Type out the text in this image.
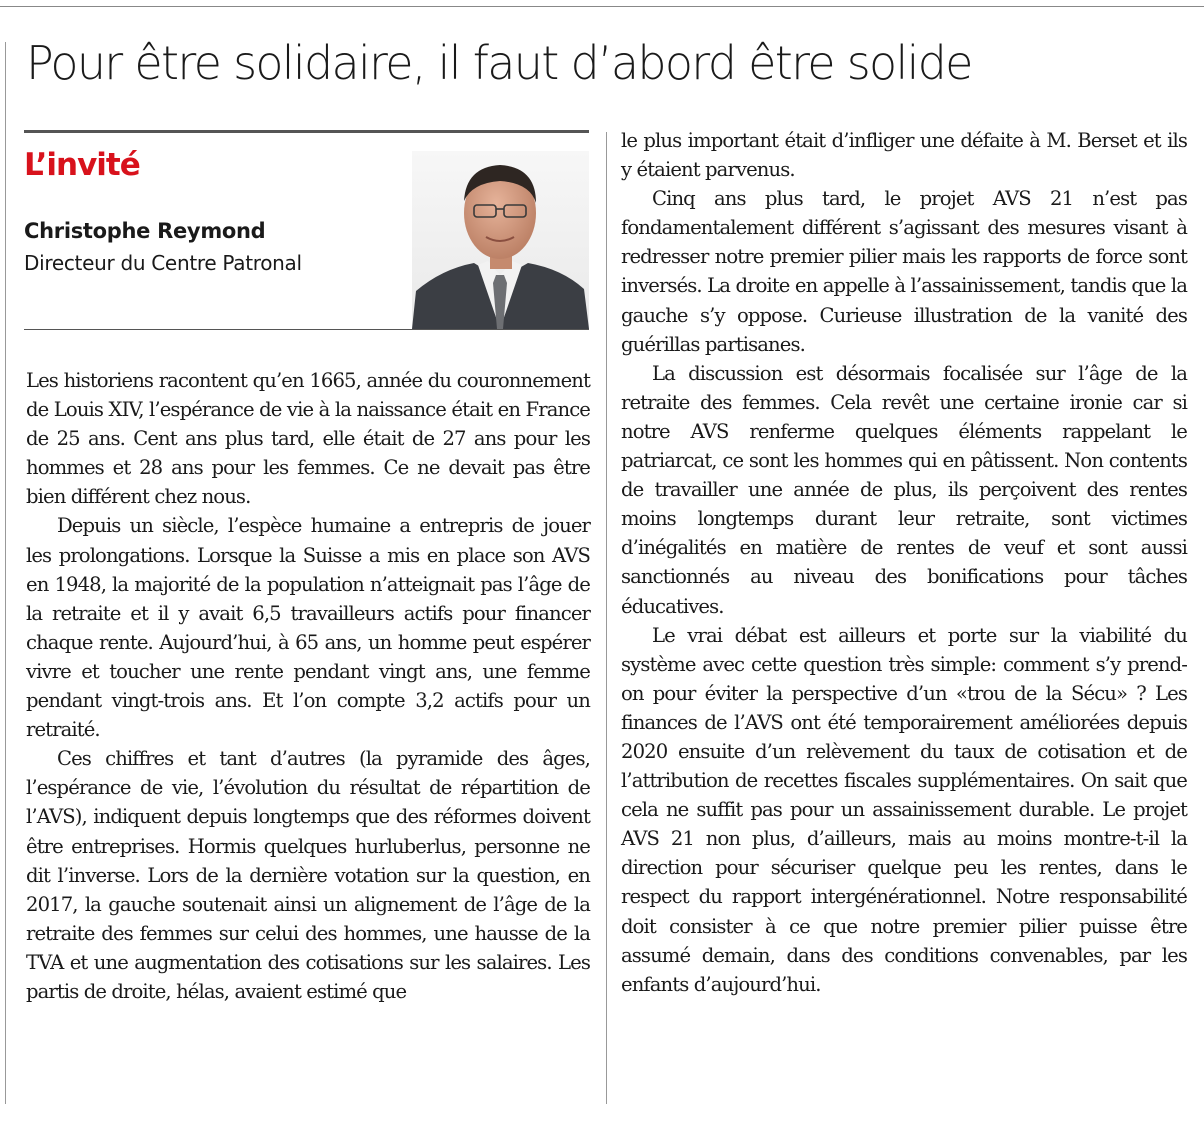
Pour être solidaire, il faut d’abord être solide
L’invité
Christophe Reymond
Directeur du Centre Patronal

Les historiens racontent qu’en 1665, année du couronnement de Louis XIV, l’espérance de vie à la naissance était en France de 25 ans. Cent ans plus tard, elle était de 27 ans pour les hommes et 28 ans pour les femmes. Ce ne devait pas être bien différent chez nous.

Depuis un siècle, l’espèce humaine a entrepris de jouer les prolongations. Lorsque la Suisse a mis en place son AVS en 1948, la majorité de la population n’atteignait pas l’âge de la retraite et il y avait 6,5 travailleurs actifs pour financer chaque rente. Aujourd’hui, à 65 ans, un homme peut espérer vivre et toucher une rente pendant vingt ans, une femme pendant vingt-trois ans. Et l’on compte 3,2 actifs pour un retraité.

Ces chiffres et tant d’autres (la pyramide des âges, l’espérance de vie, l’évolution du résultat de répartition de l’AVS), indiquent depuis longtemps que des réformes doivent être entreprises. Hormis quelques hurluberlus, personne ne dit l’inverse. Lors de la dernière votation sur la question, en 2017, la gauche soutenait ainsi un alignement de l’âge de la retraite des femmes sur celui des hommes, une hausse de la TVA et une augmentation des cotisations sur les salaires. Les partis de droite, hélas, avaient estimé que

le plus important était d’infliger une défaite à M. Berset et ils y étaient parvenus.

Cinq ans plus tard, le projet AVS 21 n’est pas fondamentalement différent s’agissant des mesures visant à redresser notre premier pilier mais les rapports de force sont inversés. La droite en appelle à l’assainissement, tandis que la gauche s’y oppose. Curieuse illustration de la vanité des guérillas partisanes.

La discussion est désormais focalisée sur l’âge de la retraite des femmes. Cela revêt une certaine ironie car si notre AVS renferme quelques éléments rappelant le patriarcat, ce sont les hommes qui en pâtissent. Non contents de travailler une année de plus, ils perçoivent des rentes moins longtemps durant leur retraite, sont victimes d’inégalités en matière de rentes de veuf et sont aussi sanctionnés au niveau des bonifications pour tâches éducatives.

Le vrai débat est ailleurs et porte sur la viabilité du système avec cette question très simple: comment s’y prend-on pour éviter la perspective d’un «trou de la Sécu» ? Les finances de l’AVS ont été temporairement améliorées depuis 2020 ensuite d’un relèvement du taux de cotisation et de l’attribution de recettes fiscales supplémentaires. On sait que cela ne suffit pas pour un assainissement durable. Le projet AVS 21 non plus, d’ailleurs, mais au moins montre-t-il la direction pour sécuriser quelque peu les rentes, dans le respect du rapport intergénérationnel. Notre responsabilité doit consister à ce que notre premier pilier puisse être assumé demain, dans des conditions convenables, par les enfants d’aujourd’hui.
